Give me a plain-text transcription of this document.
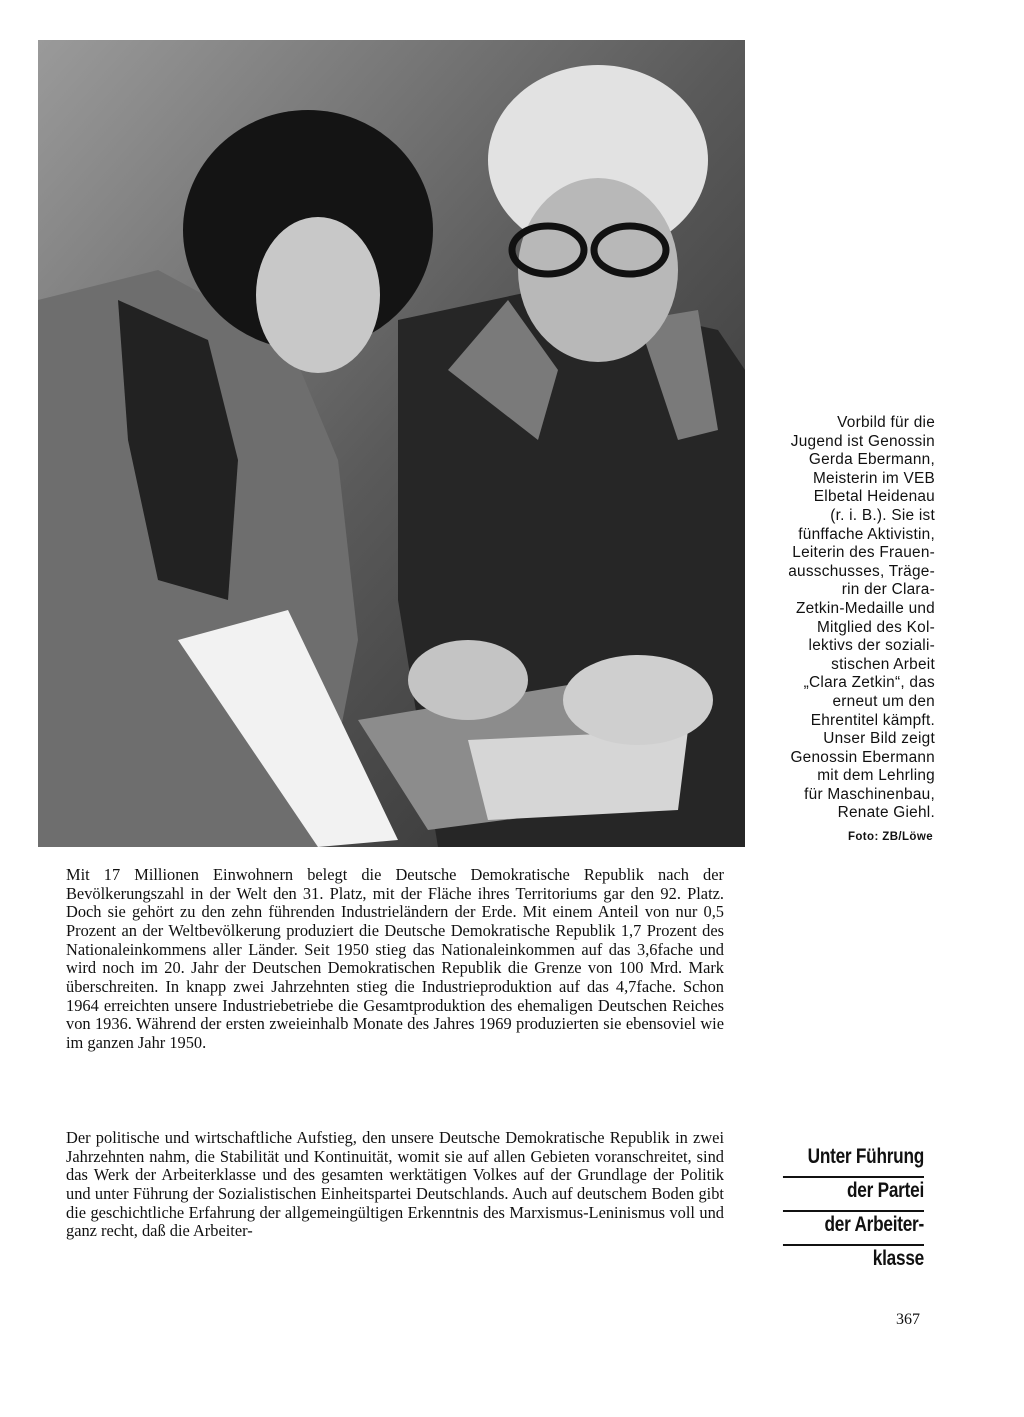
Vorbild für die
Jugend ist Genossin
Gerda Ebermann,
Meisterin im VEB
Elbetal Heidenau
(r. i. B.). Sie ist
fünffache Aktivistin,
Leiterin des Frauen-
ausschusses, Träge-
rin der Clara-
Zetkin-Medaille und
Mitglied des Kol-
lektivs der soziali-
stischen Arbeit
„Clara Zetkin“, das
erneut um den
Ehrentitel kämpft.
Unser Bild zeigt
Genossin Ebermann
mit dem Lehrling
für Maschinenbau,
Renate Giehl.
Foto: ZB/Löwe

Mit 17 Millionen Einwohnern belegt die Deutsche Demokratische Republik nach der Bevölkerungszahl in der Welt den 31. Platz, mit der Fläche ihres Territoriums gar den 92. Platz. Doch sie gehört zu den zehn führenden Industrieländern der Erde. Mit einem Anteil von nur 0,5 Prozent an der Weltbevölkerung produziert die Deutsche Demokratische Republik 1,7 Prozent des Nationaleinkommens aller Länder. Seit 1950 stieg das Nationaleinkommen auf das 3,6fache und wird noch im 20. Jahr der Deutschen Demokratischen Republik die Grenze von 100 Mrd. Mark überschreiten. In knapp zwei Jahrzehnten stieg die Industrieproduktion auf das 4,7fache. Schon 1964 erreichten unsere Industriebetriebe die Gesamtproduktion des ehemaligen Deutschen Reiches von 1936. Während der ersten zweieinhalb Monate des Jahres 1969 produzierten sie ebensoviel wie im ganzen Jahr 1950.

Der politische und wirtschaftliche Aufstieg, den unsere Deutsche Demokratische Republik in zwei Jahrzehnten nahm, die Stabilität und Kontinuität, womit sie auf allen Gebieten voranschreitet, sind das Werk der Arbeiterklasse und des gesamten werktätigen Volkes auf der Grundlage der Politik und unter Führung der Sozialistischen Einheitspartei Deutschlands. Auch auf deutschem Boden gibt die geschichtliche Erfahrung der allgemeingültigen Erkenntnis des Marxismus-Leninismus voll und ganz recht, daß die Arbeiter-

Unter Führung
der Partei
der Arbeiter-
klasse
367
